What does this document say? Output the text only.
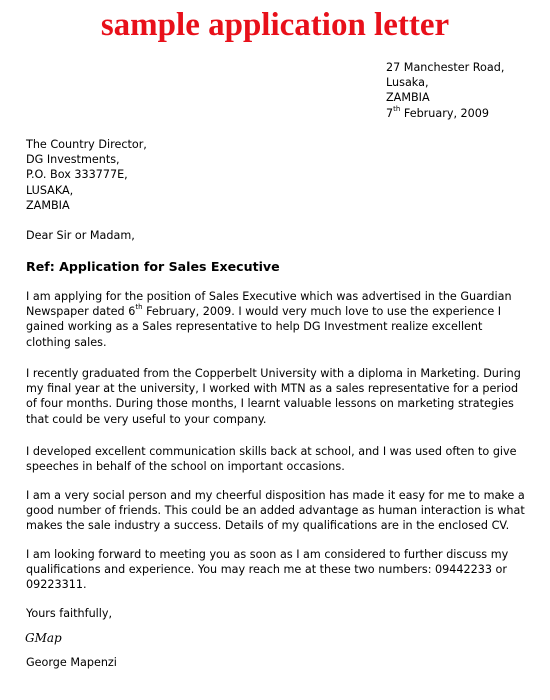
sample application letter
27 Manchester Road,
Lusaka,
ZAMBIA
7th February, 2009
The Country Director,
DG Investments,
P.O. Box 333777E,
LUSAKA,
ZAMBIA
Dear Sir or Madam,
Ref: Application for Sales Executive

I am applying for the position of Sales Executive which was advertised in the Guardian Newspaper dated 6th February, 2009. I would very much love to use the experience I gained working as a Sales representative to help DG Investment realize excellent clothing sales.

I recently graduated from the Copperbelt University with a diploma in Marketing. During my final year at the university, I worked with MTN as a sales representative for a period of four months. During those months, I learnt valuable lessons on marketing strategies that could be very useful to your company.

I developed excellent communication skills back at school, and I was used often to give speeches in behalf of the school on important occasions.

I am a very social person and my cheerful disposition has made it easy for me to make a good number of friends. This could be an added advantage as human interaction is what makes the sale industry a success. Details of my qualifications are in the enclosed CV.

I am looking forward to meeting you as soon as I am considered to further discuss my qualifications and experience. You may reach me at these two numbers: 09442233 or 09223311.

Yours faithfully,
GMap
George Mapenzi
